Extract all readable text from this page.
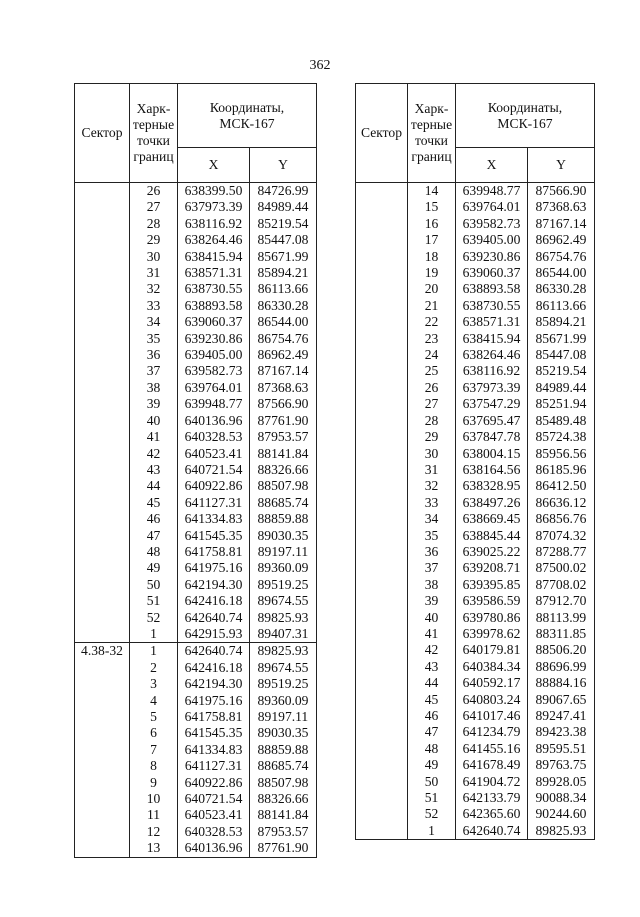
362
Сектор	Харк-
терные
точки
границ	Координаты,
МСК-167	
		X	Y
	26	638399.50	84726.99
	27	637973.39	84989.44
	28	638116.92	85219.54
	29	638264.46	85447.08
	30	638415.94	85671.99
	31	638571.31	85894.21
	32	638730.55	86113.66
	33	638893.58	86330.28
	34	639060.37	86544.00
	35	639230.86	86754.76
	36	639405.00	86962.49
	37	639582.73	87167.14
	38	639764.01	87368.63
	39	639948.77	87566.90
	40	640136.96	87761.90
	41	640328.53	87953.57
	42	640523.41	88141.84
	43	640721.54	88326.66
	44	640922.86	88507.98
	45	641127.31	88685.74
	46	641334.83	88859.88
	47	641545.35	89030.35
	48	641758.81	89197.11
	49	641975.16	89360.09
	50	642194.30	89519.25
	51	642416.18	89674.55
	52	642640.74	89825.93
	1	642915.93	89407.31
4.38-32	1	642640.74	89825.93
	2	642416.18	89674.55
	3	642194.30	89519.25
	4	641975.16	89360.09
	5	641758.81	89197.11
	6	641545.35	89030.35
	7	641334.83	88859.88
	8	641127.31	88685.74
	9	640922.86	88507.98
	10	640721.54	88326.66
	11	640523.41	88141.84
	12	640328.53	87953.57
	13	640136.96	87761.90
Сектор	Харк-
терные
точки
границ	Координаты,
МСК-167	
		X	Y
	14	639948.77	87566.90
	15	639764.01	87368.63
	16	639582.73	87167.14
	17	639405.00	86962.49
	18	639230.86	86754.76
	19	639060.37	86544.00
	20	638893.58	86330.28
	21	638730.55	86113.66
	22	638571.31	85894.21
	23	638415.94	85671.99
	24	638264.46	85447.08
	25	638116.92	85219.54
	26	637973.39	84989.44
	27	637547.29	85251.94
	28	637695.47	85489.48
	29	637847.78	85724.38
	30	638004.15	85956.56
	31	638164.56	86185.96
	32	638328.95	86412.50
	33	638497.26	86636.12
	34	638669.45	86856.76
	35	638845.44	87074.32
	36	639025.22	87288.77
	37	639208.71	87500.02
	38	639395.85	87708.02
	39	639586.59	87912.70
	40	639780.86	88113.99
	41	639978.62	88311.85
	42	640179.81	88506.20
	43	640384.34	88696.99
	44	640592.17	88884.16
	45	640803.24	89067.65
	46	641017.46	89247.41
	47	641234.79	89423.38
	48	641455.16	89595.51
	49	641678.49	89763.75
	50	641904.72	89928.05
	51	642133.79	90088.34
	52	642365.60	90244.60
	1	642640.74	89825.93
